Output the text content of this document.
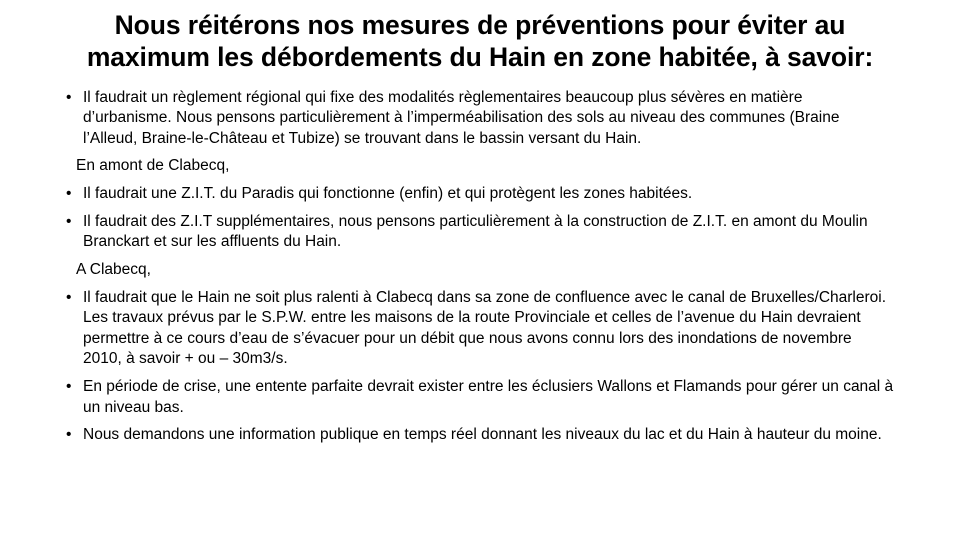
Nous réitérons nos mesures de préventions pour éviter au maximum les débordements du Hain en zone habitée, à savoir:
• Il faudrait un règlement régional qui fixe des modalités règlementaires beaucoup plus sévères en matière d’urbanisme. Nous pensons particulièrement à l’imperméabilisation des sols au niveau des communes (Braine l’Alleud, Braine-le-Château et Tubize) se trouvant dans le bassin versant du Hain.

En amont de Clabecq,

• Il faudrait une Z.I.T. du Paradis qui fonctionne (enfin) et qui protègent les zones habitées.
• Il faudrait des Z.I.T supplémentaires, nous pensons particulièrement à la construction de Z.I.T. en amont du Moulin Branckart et sur les affluents du Hain.

A Clabecq,

• Il faudrait que le Hain ne soit plus ralenti à Clabecq dans sa zone de confluence avec le canal de Bruxelles/Charleroi. Les travaux prévus par le S.P.W. entre les maisons de la route Provinciale et celles de l’avenue du Hain devraient permettre à ce cours d’eau de s’évacuer pour un débit que nous avons connu lors des inondations de novembre 2010, à savoir + ou – 30m3/s.
• En période de crise, une entente parfaite devrait exister entre les éclusiers Wallons et Flamands pour gérer un canal à un niveau bas.
• Nous demandons une information publique en temps réel donnant les niveaux du lac et du Hain à hauteur du moine.
